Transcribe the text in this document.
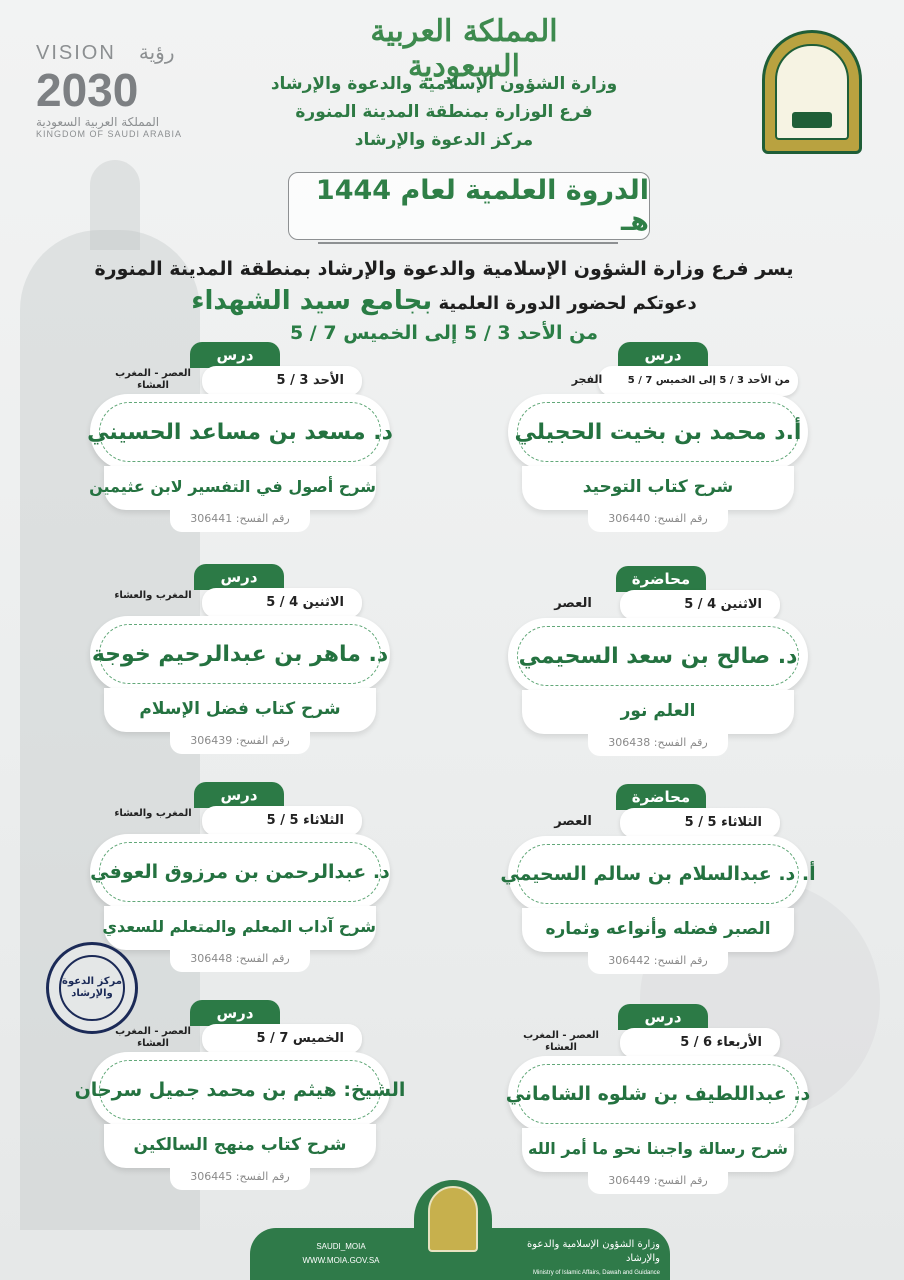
المملكة العربية السعودية
وزارة الشؤون الإسلامية والدعوة والإرشاد
فرع الوزارة بمنطقة المدينة المنورة
مركز الدعوة والإرشاد
VISION رؤية
2030
المملكة العربية السعودية
KINGDOM OF SAUDI ARABIA
الدروة العلمية لعام 1444 هـ
يسر فرع وزارة الشؤون الإسلامية والدعوة والإرشاد بمنطقة المدينة المنورة
دعوتكم لحضور الدورة العلمية بجامع سيد الشهداء
من الأحد 3 / 5 إلى الخميس 7 / 5
درس
من الأحد 3 / 5 إلى الخميس 7 / 5
الفجر
أ.د محمد بن بخيت الحجيلي
شرح كتاب التوحيد
رقم الفسح: 306440
محاضرة
الاثنين 4 / 5
العصر
د. صالح بن سعد السحيمي
العلم نور
رقم الفسح: 306438
محاضرة
الثلاثاء 5 / 5
العصر
أ. د. عبدالسلام بن سالم السحيمي
الصبر فضله وأنواعه وثماره
رقم الفسح: 306442
درس
الأربعاء 6 / 5
العصر - المغرب العشاء
د. عبداللطيف بن شلوه الشاماني
شرح رسالة واجبنا نحو ما أمر الله
رقم الفسح: 306449
درس
الأحد 3 / 5
العصر - المغرب العشاء
د. مسعد بن مساعد الحسيني
شرح أصول في التفسير لابن عثيمين
رقم الفسح: 306441
درس
الاثنين 4 / 5
المغرب والعشاء
د. ماهر بن عبدالرحيم خوجة
شرح كتاب فضل الإسلام
رقم الفسح: 306439
درس
الثلاثاء 5 / 5
المغرب والعشاء
د. عبدالرحمن بن مرزوق العوفي
شرح آداب المعلم والمتعلم للسعدي
رقم الفسح: 306448
درس
الخميس 7 / 5
العصر - المغرب العشاء
الشيخ: هيثم بن محمد جميل سرحان
شرح كتاب منهج السالكين
رقم الفسح: 306445
مركز الدعوة والإرشاد
SAUDI_MOIA
WWW.MOIA.GOV.SA
وزارة الشؤون الإسلامية والدعوة والإرشاد
Ministry of Islamic Affairs, Dawah and Guidance
